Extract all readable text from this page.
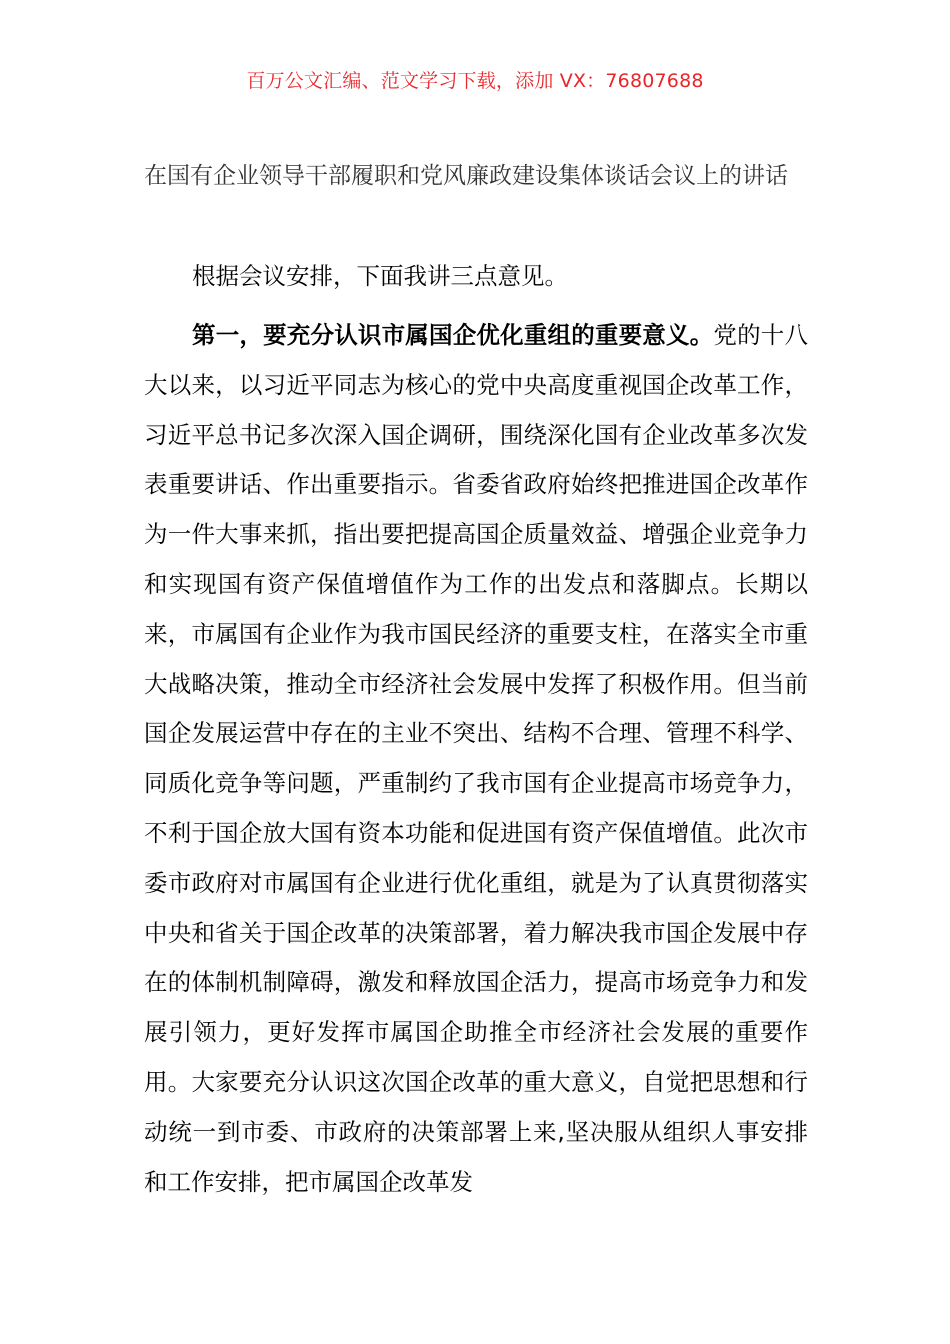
百万公文汇编、范文学习下载，添加 VX：76807688
在国有企业领导干部履职和党风廉政建设集体谈话会议上的讲话

根据会议安排，下面我讲三点意见。

第一，要充分认识市属国企优化重组的重要意义。党的十八大以来，以习近平同志为核心的党中央高度重视国企改革工作，习近平总书记多次深入国企调研，围绕深化国有企业改革多次发表重要讲话、作出重要指示。省委省政府始终把推进国企改革作为一件大事来抓，指出要把提高国企质量效益、增强企业竞争力和实现国有资产保值增值作为工作的出发点和落脚点。长期以来，市属国有企业作为我市国民经济的重要支柱，在落实全市重大战略决策，推动全市经济社会发展中发挥了积极作用。但当前国企发展运营中存在的主业不突出、结构不合理、管理不科学、同质化竞争等问题，严重制约了我市国有企业提高市场竞争力，不利于国企放大国有资本功能和促进国有资产保值增值。此次市委市政府对市属国有企业进行优化重组，就是为了认真贯彻落实中央和省关于国企改革的决策部署，着力解决我市国企发展中存在的体制机制障碍，激发和释放国企活力，提高市场竞争力和发展引领力，更好发挥市属国企助推全市经济社会发展的重要作用。大家要充分认识这次国企改革的重大意义，自觉把思想和行动统一到市委、市政府的决策部署上来,坚决服从组织人事安排和工作安排，把市属国企改革发
